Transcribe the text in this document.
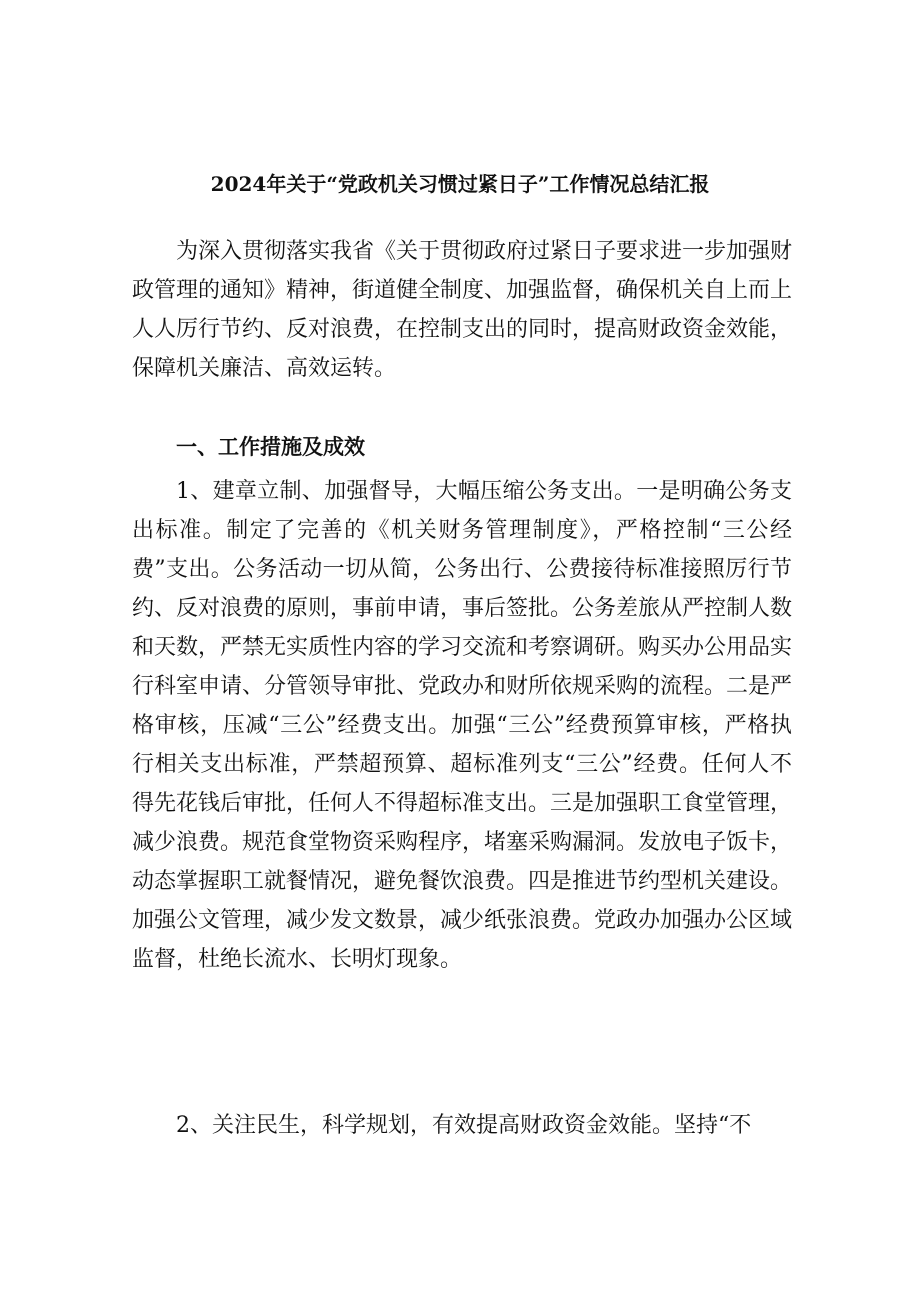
2024年关于“党政机关习惯过紧日子”工作情况总结汇报

为深入贯彻落实我省《关于贯彻政府过紧日子要求进一步加强财政管理的通知》精神，街道健全制度、加强监督，确保机关自上而上人人厉行节约、反对浪费，在控制支出的同时，提高财政资金效能，保障机关廉洁、高效运转。

一、工作措施及成效

1、建章立制、加强督导，大幅压缩公务支出。一是明确公务支出标准。制定了完善的《机关财务管理制度》，严格控制“三公经费”支出。公务活动一切从简，公务出行、公费接待标准接照厉行节约、反对浪费的原则，事前申请，事后签批。公务差旅从严控制人数和天数，严禁无实质性内容的学习交流和考察调研。购买办公用品实行科室申请、分管领导审批、党政办和财所依规采购的流程。二是严格审核，压减“三公”经费支出。加强“三公”经费预算审核，严格执行相关支出标准，严禁超预算、超标准列支“三公”经费。任何人不得先花钱后审批，任何人不得超标准支出。三是加强职工食堂管理，减少浪费。规范食堂物资采购程序，堵塞采购漏洞。发放电子饭卡，动态掌握职工就餐情况，避免餐饮浪费。四是推进节约型机关建设。加强公文管理，减少发文数景，减少纸张浪费。党政办加强办公区域监督，杜绝长流水、长明灯现象。

2、关注民生，科学规划，有效提高财政资金效能。坚持“不
